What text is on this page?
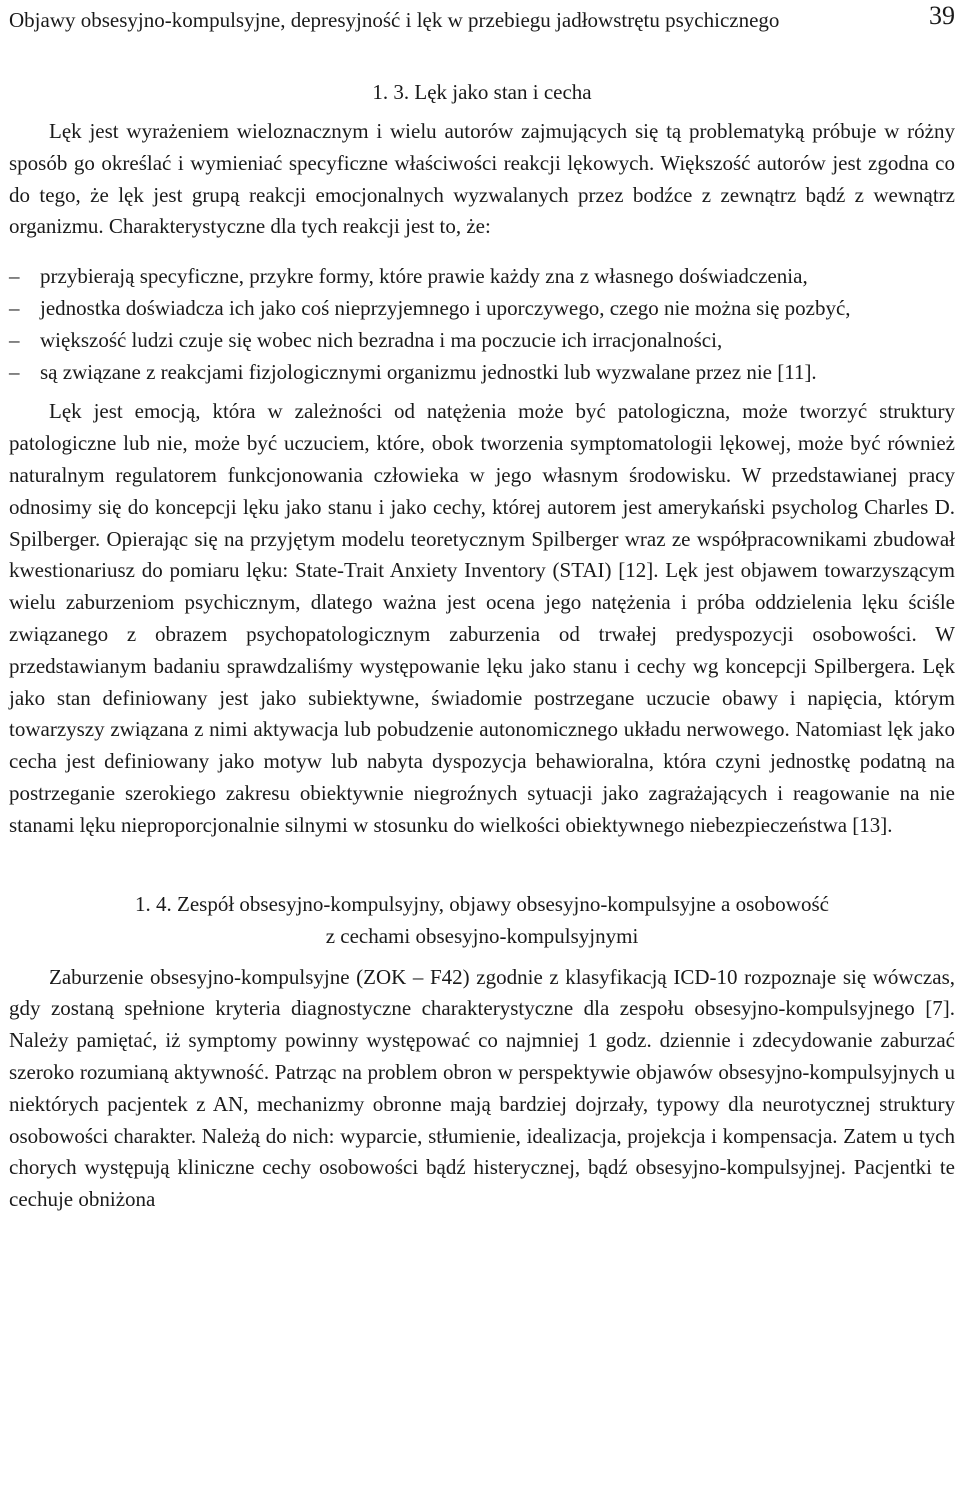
Objawy obsesyjno-kompulsyjne, depresyjność i lęk w przebiegu jadłowstrętu psychicznego	39
1. 3. Lęk jako stan i cecha

Lęk jest wyrażeniem wieloznacznym i wielu autorów zajmujących się tą problematyką próbuje w różny sposób go określać i wymieniać specyficzne właściwości reakcji lękowych. Większość autorów jest zgodna co do tego, że lęk jest grupą reakcji emocjonalnych wyzwalanych przez bodźce z zewnątrz bądź z wewnątrz organizmu. Charakterystyczne dla tych reakcji jest to, że:

– przybierają specyficzne, przykre formy, które prawie każdy zna z własnego doświadczenia,
– jednostka doświadcza ich jako coś nieprzyjemnego i uporczywego, czego nie można się pozbyć,
– większość ludzi czuje się wobec nich bezradna i ma poczucie ich irracjonalności,
– są związane z reakcjami fizjologicznymi organizmu jednostki lub wyzwalane przez nie [11].

Lęk jest emocją, która w zależności od natężenia może być patologiczna, może tworzyć struktury patologiczne lub nie, może być uczuciem, które, obok tworzenia symptomatologii lękowej, może być również naturalnym regulatorem funkcjonowania człowieka w jego własnym środowisku. W przedstawianej pracy odnosimy się do koncepcji lęku jako stanu i jako cechy, której autorem jest amerykański psycholog Charles D. Spilberger. Opierając się na przyjętym modelu teoretycznym Spilberger wraz ze współpracownikami zbudował kwestionariusz do pomiaru lęku: State-Trait Anxiety Inventory (STAI) [12]. Lęk jest objawem towarzyszącym wielu zaburzeniom psychicznym, dlatego ważna jest ocena jego natężenia i próba oddzielenia lęku ściśle związanego z obrazem psychopatologicznym zaburzenia od trwałej predyspozycji osobowości. W przedstawianym badaniu sprawdzaliśmy występowanie lęku jako stanu i cechy wg koncepcji Spilbergera. Lęk jako stan definiowany jest jako subiektywne, świadomie postrzegane uczucie obawy i napięcia, którym towarzyszy związana z nimi aktywacja lub pobudzenie autonomicznego układu nerwowego. Natomiast lęk jako cecha jest definiowany jako motyw lub nabyta dyspozycja behawioralna, która czyni jednostkę podatną na postrzeganie szerokiego zakresu obiektywnie niegroźnych sytuacji jako zagrażających i reagowanie na nie stanami lęku nieproporcjonalnie silnymi w stosunku do wielkości obiektywnego niebezpieczeństwa [13].

1. 4. Zespół obsesyjno-kompulsyjny, objawy obsesyjno-kompulsyjne a osobowość
z cechami obsesyjno-kompulsyjnymi

Zaburzenie obsesyjno-kompulsyjne (ZOK – F42) zgodnie z klasyfikacją ICD-10 rozpoznaje się wówczas, gdy zostaną spełnione kryteria diagnostyczne charakterystyczne dla zespołu obsesyjno-kompulsyjnego [7]. Należy pamiętać, iż symptomy powinny występować co najmniej 1 godz. dziennie i zdecydowanie zaburzać szeroko rozumianą aktywność. Patrząc na problem obron w perspektywie objawów obsesyjno-kompulsyjnych u niektórych pacjentek z AN, mechanizmy obronne mają bardziej dojrzały, typowy dla neurotycznej struktury osobowości charakter. Należą do nich: wyparcie, stłumienie, idealizacja, projekcja i kompensacja. Zatem u tych chorych występują kliniczne cechy osobowości bądź histerycznej, bądź obsesyjno-kompulsyjnej. Pacjentki te cechuje obniżona
